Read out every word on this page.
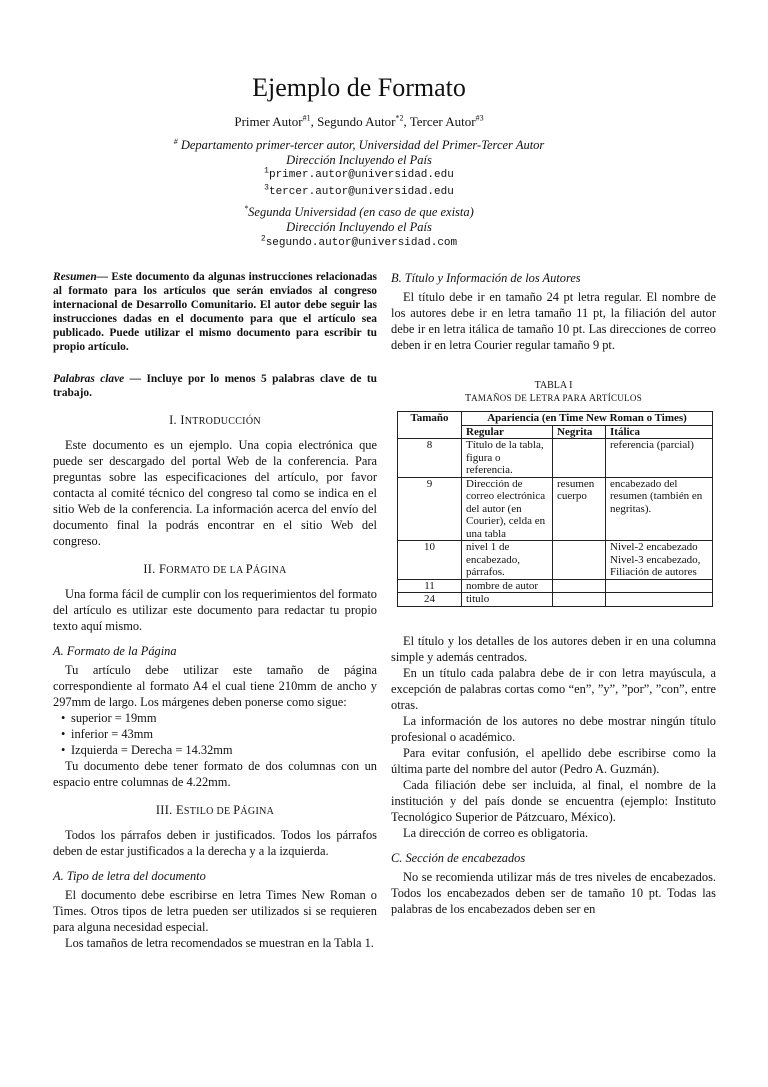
Ejemplo de Formato
Primer Autor$^{\#1}$, Segundo Autor$^{*2}$, Tercer Autor$^{\#3}$
# Departamento primer-tercer autor, Universidad del Primer-Tercer Autor
Dirección Incluyendo el País
$^1$primer.autor@universidad.edu
$^3$tercer.autor@universidad.edu
*Segunda Universidad (en caso de que exista)
Dirección Incluyendo el País
$^2$segundo.autor@universidad.com

Resumen— Este documento da algunas instrucciones relacionadas al formato para los artículos que serán enviados al congreso internacional de Desarrollo Comunitario. El autor debe seguir las instrucciones dadas en el documento para que el artículo sea publicado. Puede utilizar el mismo documento para escribir tu propio artículo.

Palabras clave — Incluye por lo menos 5 palabras clave de tu trabajo.

I. INTRODUCCIÓN

Este documento es un ejemplo. Una copia electrónica que puede ser descargado del portal Web de la conferencia. Para preguntas sobre las especificaciones del artículo, por favor contacta al comité técnico del congreso tal como se indica en el sitio Web de la conferencia. La información acerca del envío del documento final la podrás encontrar en el sitio Web del congreso.

II. FORMATO DE LA PÁGINA

Una forma fácil de cumplir con los requerimientos del formato del artículo es utilizar este documento para redactar tu propio texto aquí mismo.

A. Formato de la Página

Tu artículo debe utilizar este tamaño de página correspondiente al formato A4 el cual tiene 210mm de ancho y 297mm de largo. Los márgenes deben ponerse como sigue:

• superior = 19mm
• inferior = 43mm
• Izquierda = Derecha = 14.32mm

Tu documento debe tener formato de dos columnas con un espacio entre columnas de 4.22mm.

III. ESTILO DE PÁGINA

Todos los párrafos deben ir justificados. Todos los párrafos deben de estar justificados a la derecha y a la izquierda.

A. Tipo de letra del documento

El documento debe escribirse en letra Times New Roman o Times. Otros tipos de letra pueden ser utilizados si se requieren para alguna necesidad especial.

Los tamaños de letra recomendados se muestran en la Tabla 1.

B. Título y Información de los Autores

El título debe ir en tamaño 24 pt letra regular. El nombre de los autores debe ir en letra tamaño 11 pt, la filiación del autor debe ir en letra itálica de tamaño 10 pt. Las direcciones de correo deben ir en letra Courier regular tamaño 9 pt.

TABLA I
TAMAÑOS DE LETRA PARA ARTÍCULOS
Tamaño	Apariencia (en Time New Roman o Times)		
	Regular	Negrita	Itálica
8	Título de la tabla, figura o referencia.		referencia (parcial)
9	Dirección de correo electrónica del autor (en Courier), celda en una tabla	resumen cuerpo	encabezado del resumen (también en negritas).
10	nivel 1 de encabezado, párrafos.		Nivel-2 encabezado Nivel-3 encabezado, Filiación de autores
11	nombre de autor		
24	titulo		

El título y los detalles de los autores deben ir en una columna simple y además centrados.

En un título cada palabra debe de ir con letra mayúscula, a excepción de palabras cortas como “en”, ”y”, ”por”, ”con”, entre otras.

La información de los autores no debe mostrar ningún título profesional o académico.

Para evitar confusión, el apellido debe escribirse como la última parte del nombre del autor (Pedro A. Guzmán).

Cada filiación debe ser incluida, al final, el nombre de la institución y del país donde se encuentra (ejemplo: Instituto Tecnológico Superior de Pátzcuaro, México).

La dirección de correo es obligatoria.

C. Sección de encabezados

No se recomienda utilizar más de tres niveles de encabezados. Todos los encabezados deben ser de tamaño 10 pt. Todas las palabras de los encabezados deben ser en
